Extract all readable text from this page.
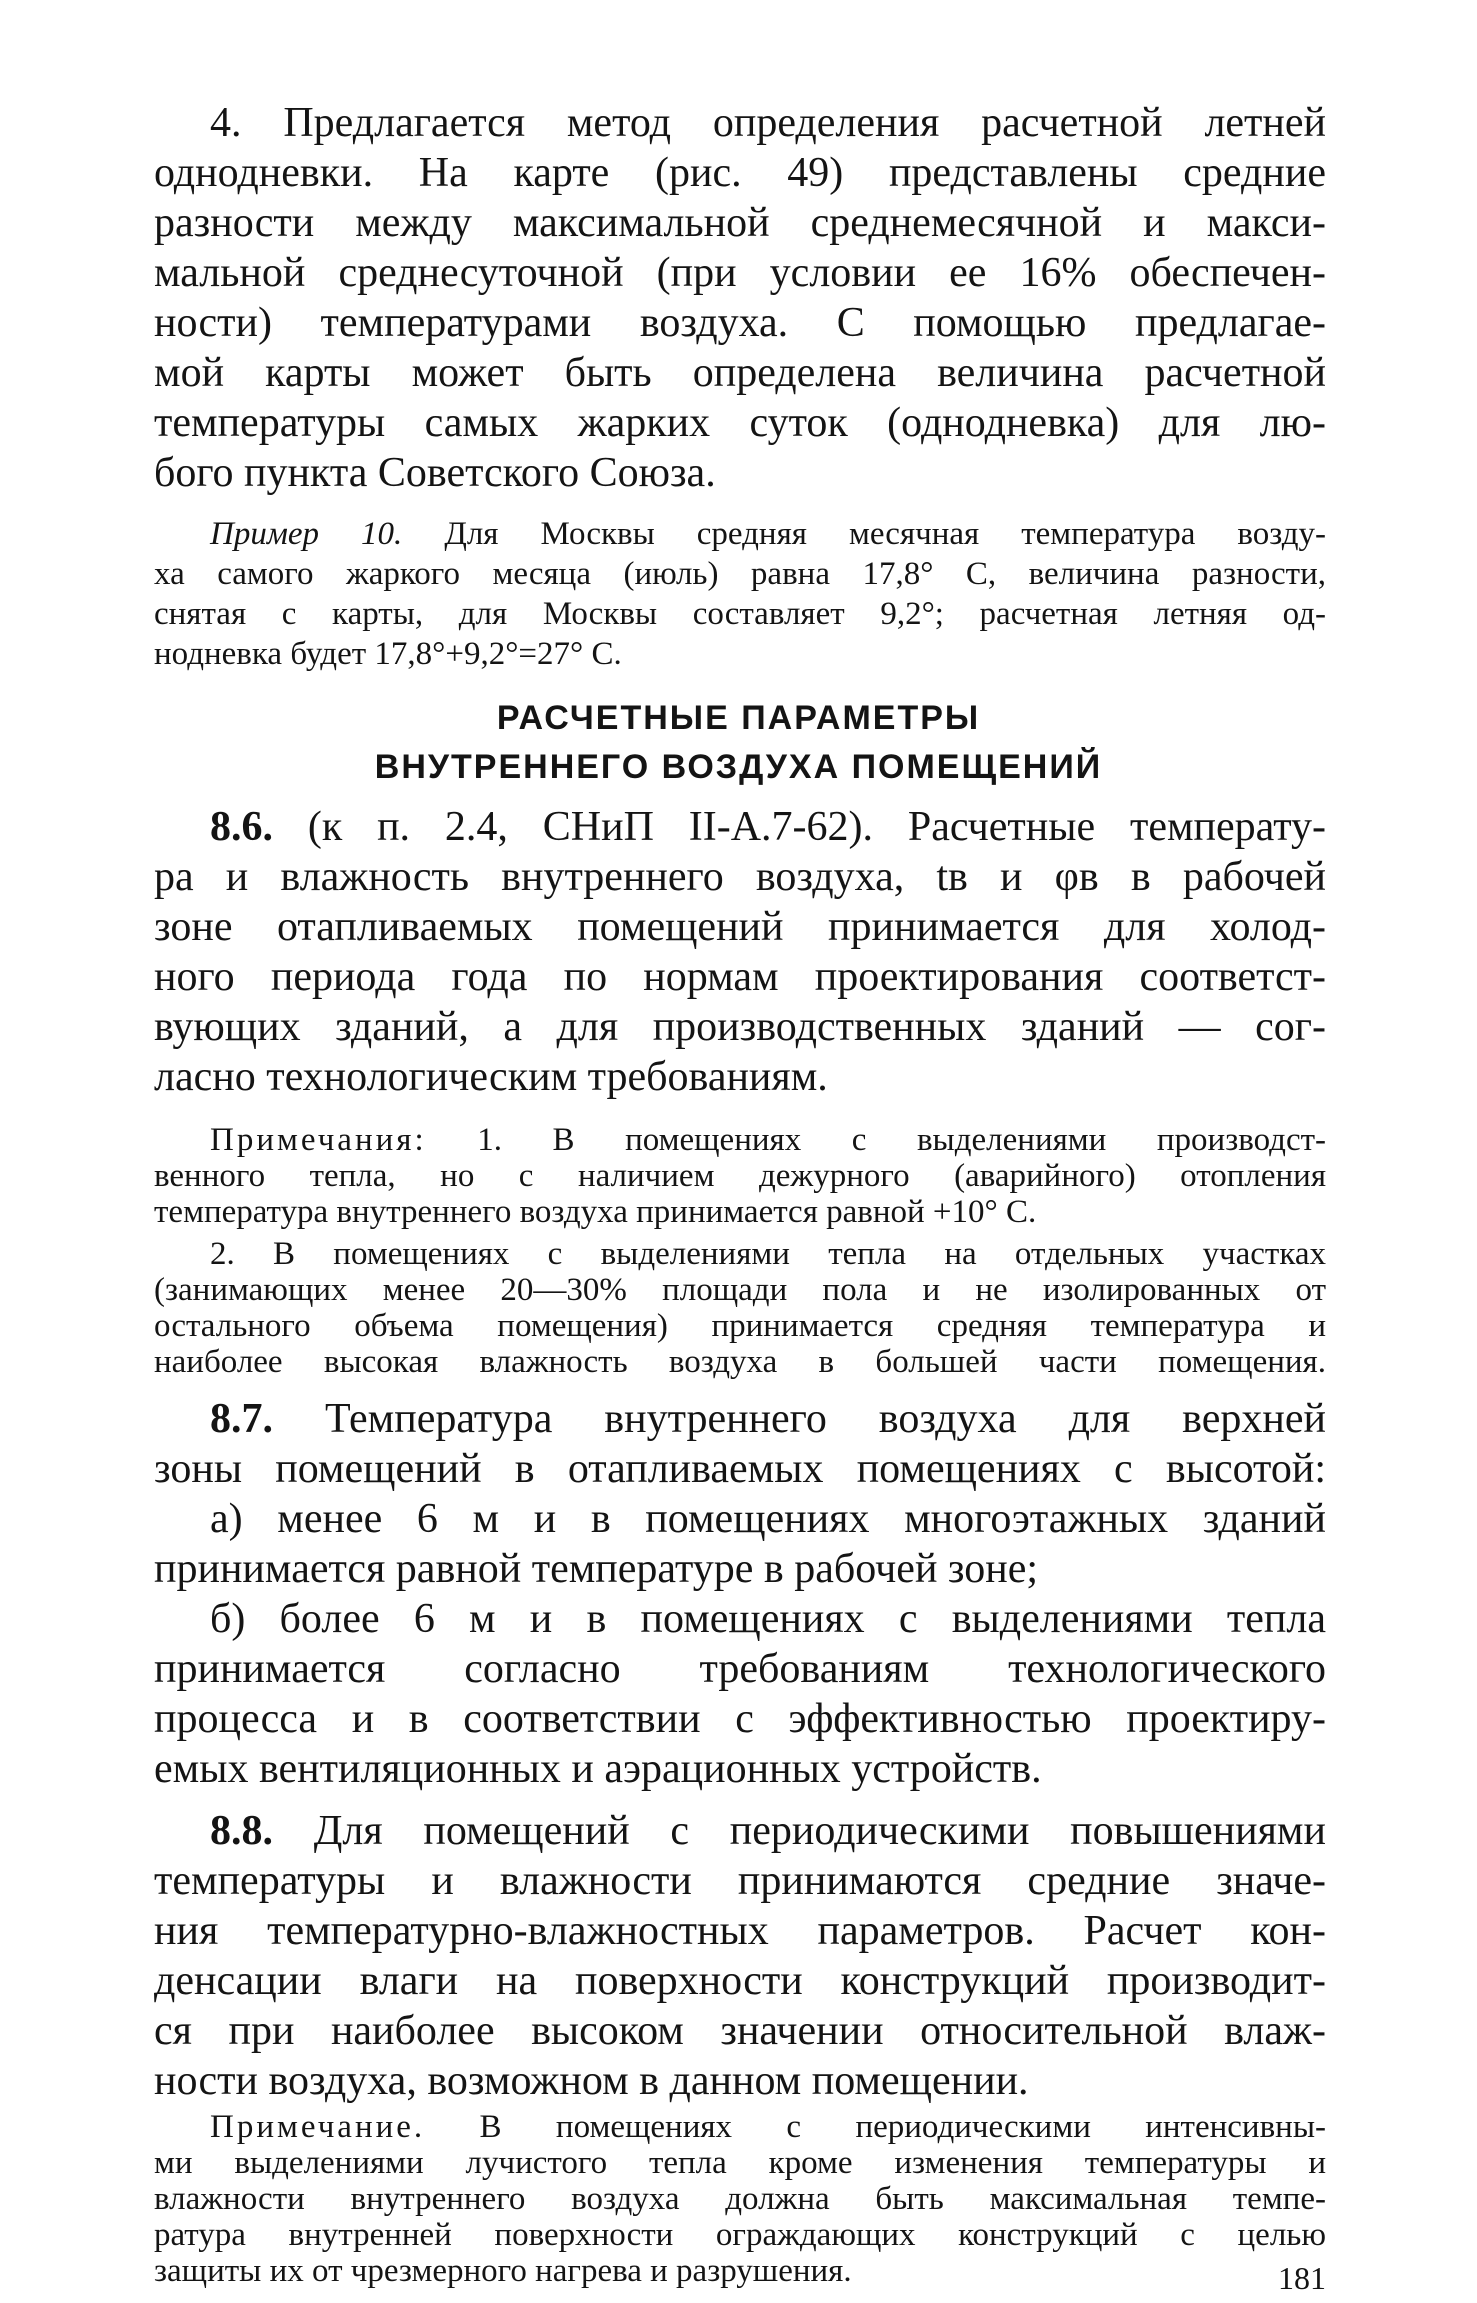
4. Предлагается метод определения расчетной летней
однодневки. На карте (рис. 49) представлены средние
разности между максимальной среднемесячной и макси-
мальной среднесуточной (при условии ее 16% обеспечен-
ности) температурами воздуха. С помощью предлагае-
мой карты может быть определена величина расчетной
температуры самых жарких суток (однодневка) для лю-
бого пункта Советского Союза.
Пример 10. Для Москвы средняя месячная температура возду-
ха самого жаркого месяца (июль) равна 17,8° С, величина разности,
снятая с карты, для Москвы составляет 9,2°; расчетная летняя од-
нодневка будет 17,8°+9,2°=27° С.
РАСЧЕТНЫЕ ПАРАМЕТРЫ
ВНУТРЕННЕГО ВОЗДУХА ПОМЕЩЕНИЙ
8.6. (к п. 2.4, СНиП II-А.7-62). Расчетные температу-
ра и влажность внутреннего воздуха, tв и φв в рабочей
зоне отапливаемых помещений принимается для холод-
ного периода года по нормам проектирования соответст-
вующих зданий, а для производственных зданий — сог-
ласно технологическим требованиям.
Примечания: 1. В помещениях с выделениями производст-
венного тепла, но с наличием дежурного (аварийного) отопления
температура внутреннего воздуха принимается равной +10° С.
2. В помещениях с выделениями тепла на отдельных участках
(занимающих менее 20—30% площади пола и не изолированных от
остального объема помещения) принимается средняя температура и
наиболее высокая влажность воздуха в большей части помещения.
8.7. Температура внутреннего воздуха для верхней
зоны помещений в отапливаемых помещениях с высотой:
а) менее 6 м и в помещениях многоэтажных зданий
принимается равной температуре в рабочей зоне;
б) более 6 м и в помещениях с выделениями тепла
принимается согласно требованиям технологического
процесса и в соответствии с эффективностью проектиру-
емых вентиляционных и аэрационных устройств.
8.8. Для помещений с периодическими повышениями
температуры и влажности принимаются средние значе-
ния температурно-влажностных параметров. Расчет кон-
денсации влаги на поверхности конструкций производит-
ся при наиболее высоком значении относительной влаж-
ности воздуха, возможном в данном помещении.
Примечание. В помещениях с периодическими интенсивны-
ми выделениями лучистого тепла кроме изменения температуры и
влажности внутреннего воздуха должна быть максимальная темпе-
ратура внутренней поверхности ограждающих конструкций с целью
защиты их от чрезмерного нагрева и разрушения.	181
